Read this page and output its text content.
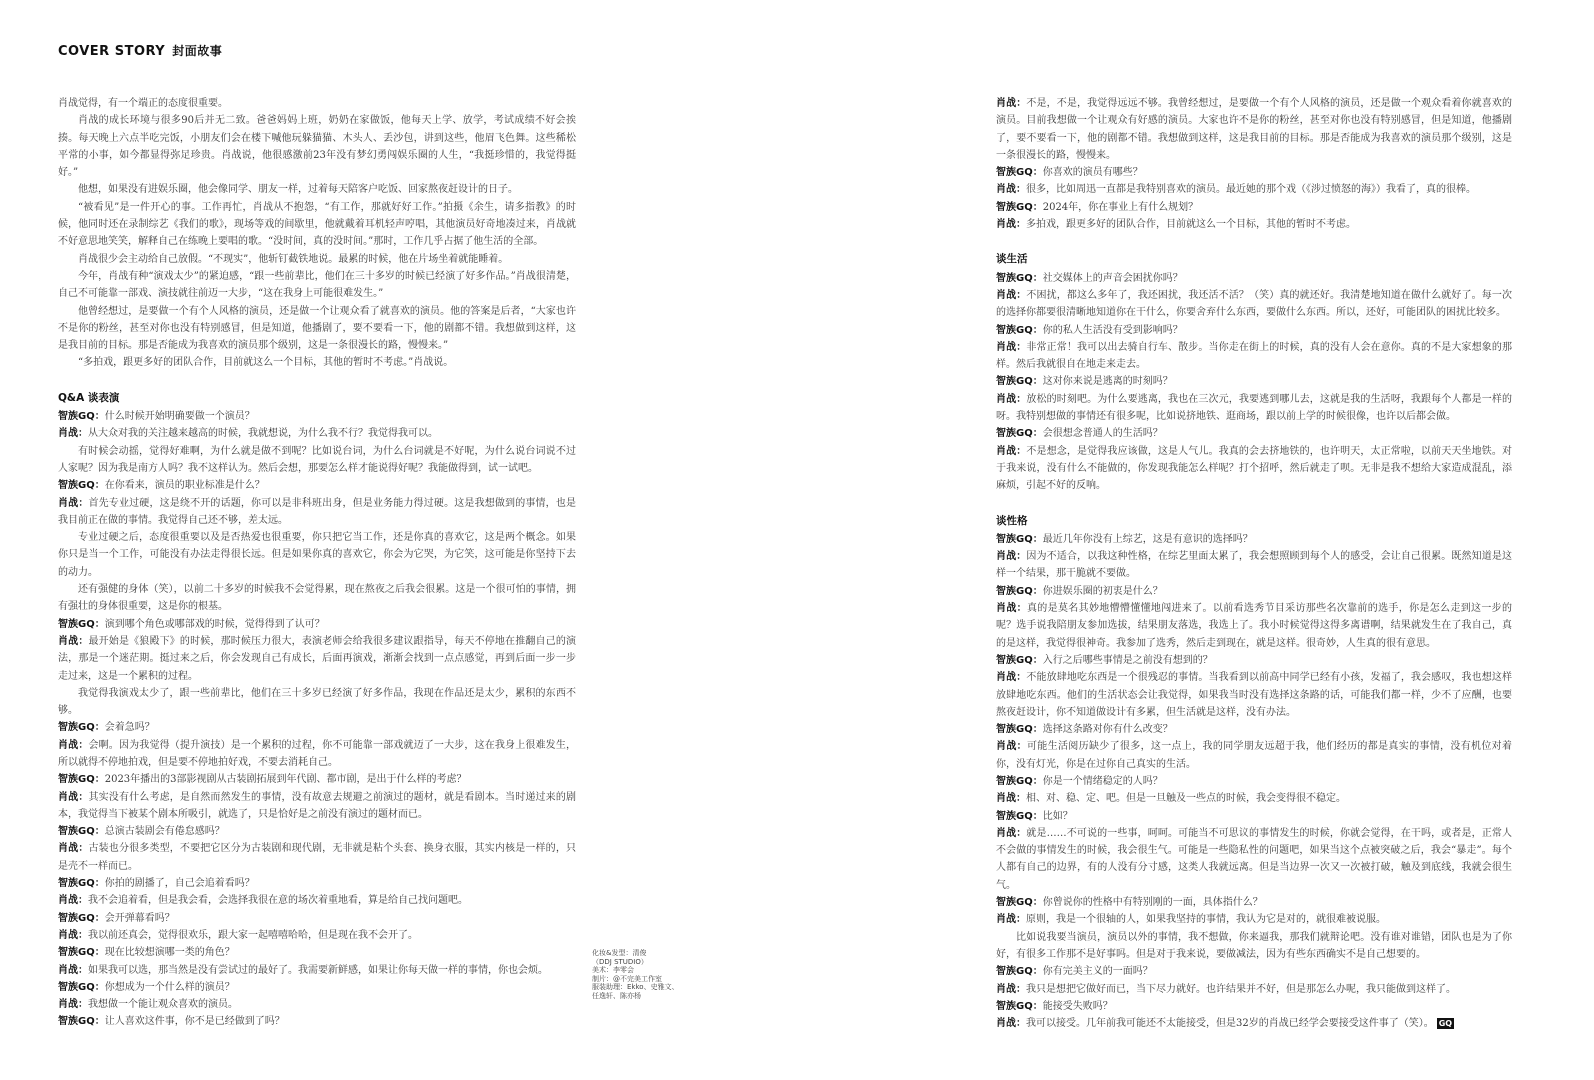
COVER STORY 封面故事

肖战觉得，有一个端正的态度很重要。

肖战的成长环境与很多90后并无二致。爸爸妈妈上班，奶奶在家做饭，他每天上学、放学，考试成绩不好会挨揍。每天晚上六点半吃完饭，小朋友们会在楼下喊他玩躲猫猫、木头人、丢沙包，讲到这些，他眉飞色舞。这些稀松平常的小事，如今都显得弥足珍贵。肖战说，他很感激前23年没有梦幻勇闯娱乐圈的人生，“我挺珍惜的，我觉得挺好。”

他想，如果没有进娱乐圈，他会像同学、朋友一样，过着每天陪客户吃饭、回家熬夜赶设计的日子。

“被看见”是一件开心的事。工作再忙，肖战从不抱怨，“有工作，那就好好工作。”拍摄《余生，请多指教》的时候，他同时还在录制综艺《我们的歌》，现场等戏的间歇里，他就戴着耳机轻声哼唱，其他演员好奇地凑过来，肖战就不好意思地笑笑，解释自己在练晚上要唱的歌。“没时间，真的没时间。”那时，工作几乎占据了他生活的全部。

肖战很少会主动给自己放假。“不现实”，他斩钉截铁地说。最累的时候，他在片场坐着就能睡着。

今年，肖战有种“演戏太少”的紧迫感，“跟一些前辈比，他们在三十多岁的时候已经演了好多作品。”肖战很清楚，自己不可能靠一部戏、演技就往前迈一大步，“这在我身上可能很难发生。”

他曾经想过，是要做一个有个人风格的演员，还是做一个让观众看了就喜欢的演员。他的答案是后者，“大家也许不是你的粉丝，甚至对你也没有特别感冒，但是知道，他播剧了，要不要看一下，他的剧都不错。我想做到这样，这是我目前的目标。那是否能成为我喜欢的演员那个级别，这是一条很漫长的路，慢慢来。”

“多拍戏，跟更多好的团队合作，目前就这么一个目标，其他的暂时不考虑。”肖战说。

Q&A 谈表演

智族GQ：什么时候开始明确要做一个演员？

肖战：从大众对我的关注越来越高的时候，我就想说，为什么我不行？我觉得我可以。

有时候会动摇，觉得好难啊，为什么就是做不到呢？比如说台词，为什么台词就是不好呢，为什么说台词说不过人家呢？因为我是南方人吗？我不这样认为。然后会想，那要怎么样才能说得好呢？我能做得到，试一试吧。

智族GQ：在你看来，演员的职业标准是什么？

肖战：首先专业过硬，这是绕不开的话题，你可以是非科班出身，但是业务能力得过硬。这是我想做到的事情，也是我目前正在做的事情。我觉得自己还不够，差太远。

专业过硬之后，态度很重要以及是否热爱也很重要，你只把它当工作，还是你真的喜欢它，这是两个概念。如果你只是当一个工作，可能没有办法走得很长远。但是如果你真的喜欢它，你会为它哭，为它笑，这可能是你坚持下去的动力。

还有强健的身体（笑），以前二十多岁的时候我不会觉得累，现在熬夜之后我会很累。这是一个很可怕的事情，拥有强壮的身体很重要，这是你的根基。

智族GQ：演到哪个角色或哪部戏的时候，觉得得到了认可？

肖战：最开始是《狼殿下》的时候，那时候压力很大，表演老师会给我很多建议跟指导，每天不停地在推翻自己的演法，那是一个迷茫期。挺过来之后，你会发现自己有成长，后面再演戏，渐渐会找到一点点感觉，再到后面一步一步走过来，这是一个累积的过程。

我觉得我演戏太少了，跟一些前辈比，他们在三十多岁已经演了好多作品，我现在作品还是太少，累积的东西不够。

智族GQ：会着急吗？

肖战：会啊。因为我觉得（提升演技）是一个累积的过程，你不可能靠一部戏就迈了一大步，这在我身上很难发生，所以就得不停地拍戏，但是要不停地拍好戏，不要去消耗自己。

智族GQ：2023年播出的3部影视剧从古装剧拓展到年代剧、都市剧，是出于什么样的考虑？

肖战：其实没有什么考虑，是自然而然发生的事情，没有故意去规避之前演过的题材，就是看剧本。当时递过来的剧本，我觉得当下被某个剧本所吸引，就选了，只是恰好是之前没有演过的题材而已。

智族GQ：总演古装剧会有倦怠感吗？

肖战：古装也分很多类型，不要把它区分为古装剧和现代剧，无非就是粘个头套、换身衣服，其实内核是一样的，只是壳不一样而已。

智族GQ：你拍的剧播了，自己会追着看吗？

肖战：我不会追着看，但是我会看，会选择我很在意的场次着重地看，算是给自己找问题吧。

智族GQ：会开弹幕看吗？

肖战：我以前还真会，觉得很欢乐，跟大家一起嘻嘻哈哈，但是现在我不会开了。

智族GQ：现在比较想演哪一类的角色？

肖战：如果我可以选，那当然是没有尝试过的最好了。我需要新鲜感，如果让你每天做一样的事情，你也会烦。

智族GQ：你想成为一个什么样的演员？

肖战：我想做一个能让观众喜欢的演员。

智族GQ：让人喜欢这件事，你不是已经做到了吗？

化妆&发型：清俊
（DDJ STUDIO）
美术：李零会
制片：@不完美工作室
服装助理：Ekko、史雅文、
任逸轩、陈亦杨

肖战：不是，不是，我觉得远远不够。我曾经想过，是要做一个有个人风格的演员，还是做一个观众看着你就喜欢的演员。目前我想做一个让观众有好感的演员。大家也许不是你的粉丝，甚至对你也没有特别感冒，但是知道，他播剧了，要不要看一下，他的剧都不错。我想做到这样，这是我目前的目标。那是否能成为我喜欢的演员那个级别，这是一条很漫长的路，慢慢来。

智族GQ：你喜欢的演员有哪些？

肖战：很多，比如周迅一直都是我特别喜欢的演员。最近她的那个戏（《涉过愤怒的海》）我看了，真的很棒。

智族GQ：2024年，你在事业上有什么规划？

肖战：多拍戏，跟更多好的团队合作，目前就这么一个目标，其他的暂时不考虑。

谈生活

智族GQ：社交媒体上的声音会困扰你吗？

肖战：不困扰，都这么多年了，我还困扰，我还活不活？（笑）真的就还好。我清楚地知道在做什么就好了。每一次的选择你都要很清晰地知道你在干什么，你要舍弃什么东西，要做什么东西。所以，还好，可能团队的困扰比较多。

智族GQ：你的私人生活没有受到影响吗？

肖战：非常正常！我可以出去骑自行车、散步。当你走在街上的时候，真的没有人会在意你。真的不是大家想象的那样。然后我就很自在地走来走去。

智族GQ：这对你来说是逃离的时刻吗？

肖战：放松的时刻吧。为什么要逃离，我也在三次元，我要逃到哪儿去，这就是我的生活呀，我跟每个人都是一样的呀。我特别想做的事情还有很多呢，比如说挤地铁、逛商场，跟以前上学的时候很像，也许以后都会做。

智族GQ：会很想念普通人的生活吗？

肖战：不是想念，是觉得我应该做，这是人气儿。我真的会去挤地铁的，也许明天，太正常啦，以前天天坐地铁。对于我来说，没有什么不能做的，你发现我能怎么样呢？打个招呼，然后就走了呗。无非是我不想给大家造成混乱，添麻烦，引起不好的反响。

谈性格

智族GQ：最近几年你没有上综艺，这是有意识的选择吗？

肖战：因为不适合，以我这种性格，在综艺里面太累了，我会想照顾到每个人的感受，会让自己很累。既然知道是这样一个结果，那干脆就不要做。

智族GQ：你进娱乐圈的初衷是什么？

肖战：真的是莫名其妙地懵懵懂懂地闯进来了。以前看选秀节目采访那些名次靠前的选手，你是怎么走到这一步的呢？选手说我陪朋友参加选拔，结果朋友落选，我选上了。我小时候觉得这得多离谱啊，结果就发生在了我自己，真的是这样，我觉得很神奇。我参加了选秀，然后走到现在，就是这样。很奇妙，人生真的很有意思。

智族GQ：入行之后哪些事情是之前没有想到的？

肖战：不能放肆地吃东西是一个很残忍的事情。当我看到以前高中同学已经有小孩，发福了，我会感叹，我也想这样放肆地吃东西。他们的生活状态会让我觉得，如果我当时没有选择这条路的话，可能我们都一样，少不了应酬，也要熬夜赶设计，你不知道做设计有多累，但生活就是这样，没有办法。

智族GQ：选择这条路对你有什么改变？

肖战：可能生活阅历缺少了很多，这一点上，我的同学朋友远超于我，他们经历的都是真实的事情，没有机位对着你，没有灯光，你是在过你自己真实的生活。

智族GQ：你是一个情绪稳定的人吗？

肖战：相、对、稳、定、吧。但是一旦触及一些点的时候，我会变得很不稳定。

智族GQ：比如？

肖战：就是……不可说的一些事，呵呵。可能当不可思议的事情发生的时候，你就会觉得，在干吗，或者是，正常人不会做的事情发生的时候，我会很生气。可能是一些隐私性的问题吧，如果当这个点被突破之后，我会“暴走”。每个人都有自己的边界，有的人没有分寸感，这类人我就远离。但是当边界一次又一次被打破，触及到底线，我就会很生气。

智族GQ：你曾说你的性格中有特别刚的一面，具体指什么？

肖战：原则，我是一个很轴的人，如果我坚持的事情，我认为它是对的，就很难被说服。

比如说我要当演员，演员以外的事情，我不想做，你来逼我，那我们就辩论吧。没有谁对谁错，团队也是为了你好，有很多工作那不是好事吗。但是对于我来说，要做减法，因为有些东西确实不是自己想要的。

智族GQ：你有完美主义的一面吗？

肖战：我只是想把它做好而已，当下尽力就好。也许结果并不好，但是那怎么办呢，我只能做到这样了。

智族GQ：能接受失败吗？

肖战：我可以接受。几年前我可能还不太能接受，但是32岁的肖战已经学会要接受这件事了（笑）。 GQ
